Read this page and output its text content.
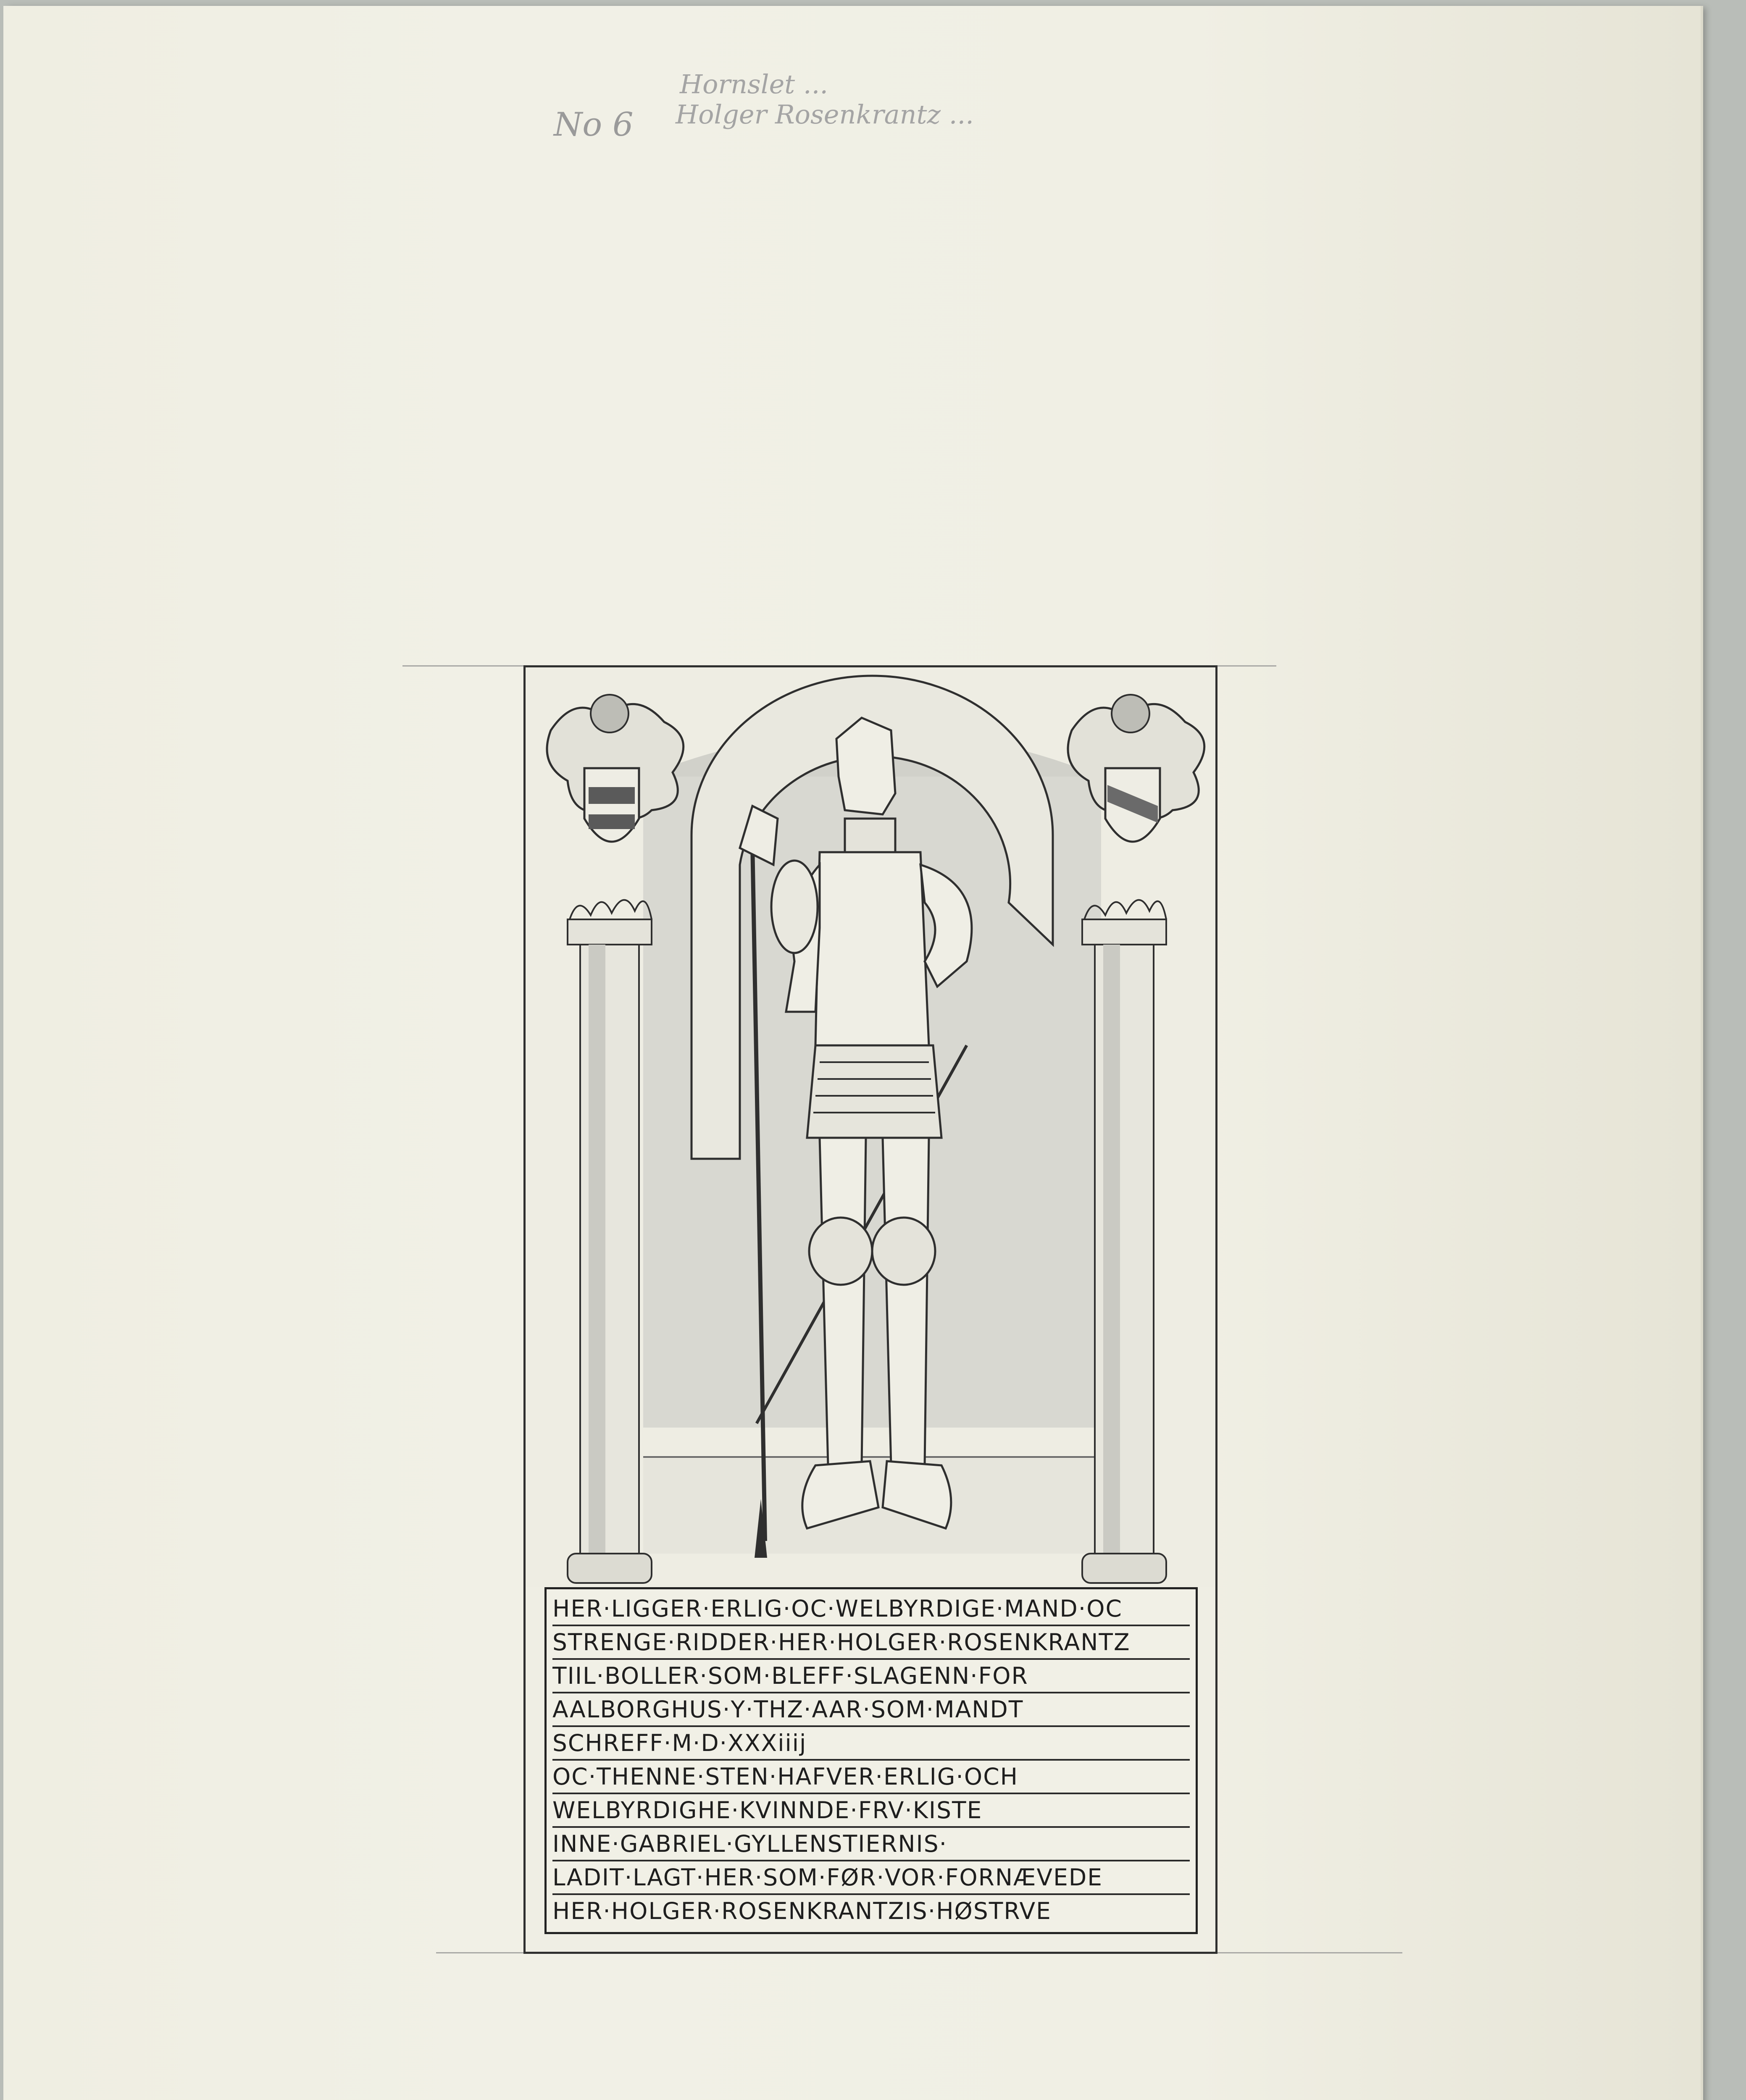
No 6
Hornslet ...
Holger Rosenkrantz ...
HER·LIGGER·ERLIG·OC·WELBYRDIGE·MAND·OC
STRENGE·RIDDER·HER·HOLGER·ROSENKRANTZ
TIIL·BOLLER·SOM·BLEFF·SLAGENN·FOR
AALBORGHUS·Y·THZ·AAR·SOM·MANDT
SCHREFF·M·D·XXXiiij
OC·THENNE·STEN·HAFVER·ERLIG·OCH
WELBYRDIGHE·KVINNDE·FRV·KISTE
INNE·GABRIEL·GYLLENSTIERNIS·
LADIT·LAGT·HER·SOM·FØR·VOR·FORNÆVEDE
HER·HOLGER·ROSENKRANTZIS·HØSTRVE
